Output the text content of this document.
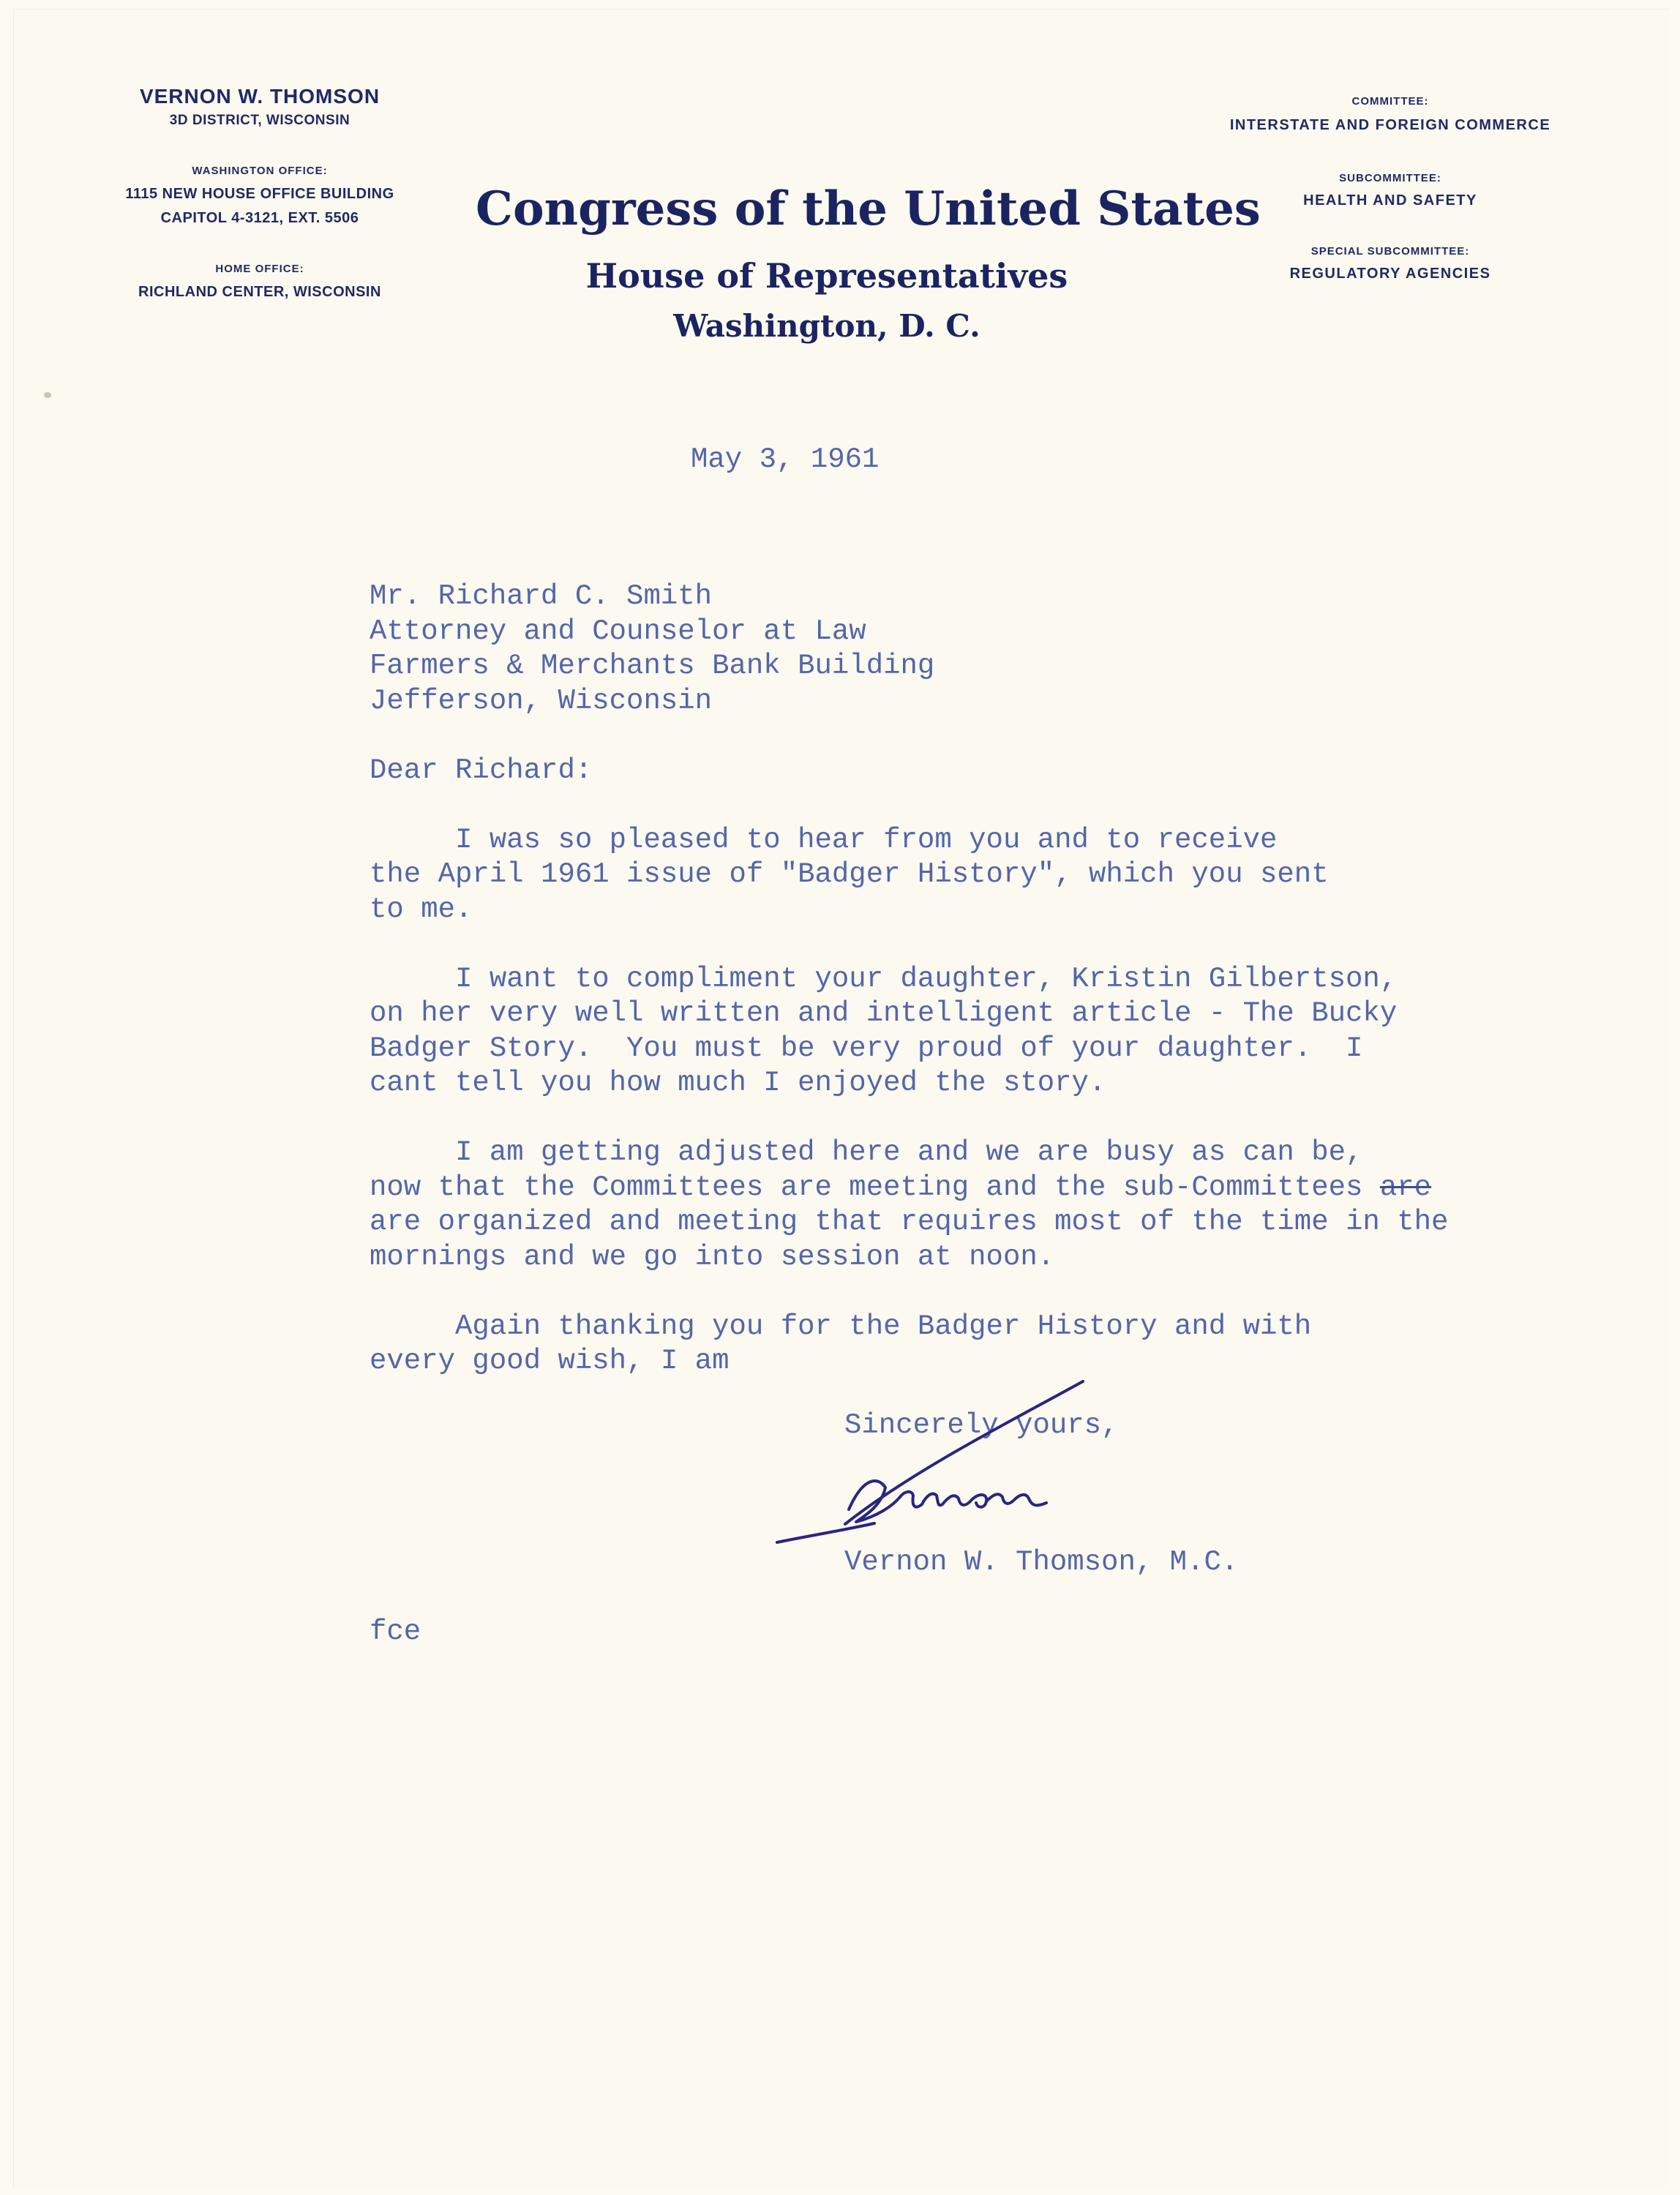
VERNON W. THOMSON
3D DISTRICT, WISCONSIN
WASHINGTON OFFICE:
1115 NEW HOUSE OFFICE BUILDING
CAPITOL 4-3121, EXT. 5506
HOME OFFICE:
RICHLAND CENTER, WISCONSIN
Congress of the United States
House of Representatives
Washington, D. C.
COMMITTEE:
INTERSTATE AND FOREIGN COMMERCE
SUBCOMMITTEE:
HEALTH AND SAFETY
SPECIAL SUBCOMMITTEE:
REGULATORY AGENCIES
May 3, 1961
Mr. Richard C. Smith
Attorney and Counselor at Law
Farmers & Merchants Bank Building
Jefferson, Wisconsin
Dear Richard:
I was so pleased to hear from you and to receive
the April 1961 issue of "Badger History", which you sent
to me.
I want to compliment your daughter, Kristin Gilbertson,
on her very well written and intelligent article - The Bucky
Badger Story.  You must be very proud of your daughter.  I
cant tell you how much I enjoyed the story.
I am getting adjusted here and we are busy as can be,
now that the Committees are meeting and the sub-Committees are
are organized and meeting that requires most of the time in the
mornings and we go into session at noon.
Again thanking you for the Badger History and with
every good wish, I am
Sincerely yours,
Vernon W. Thomson, M.C.
fce
